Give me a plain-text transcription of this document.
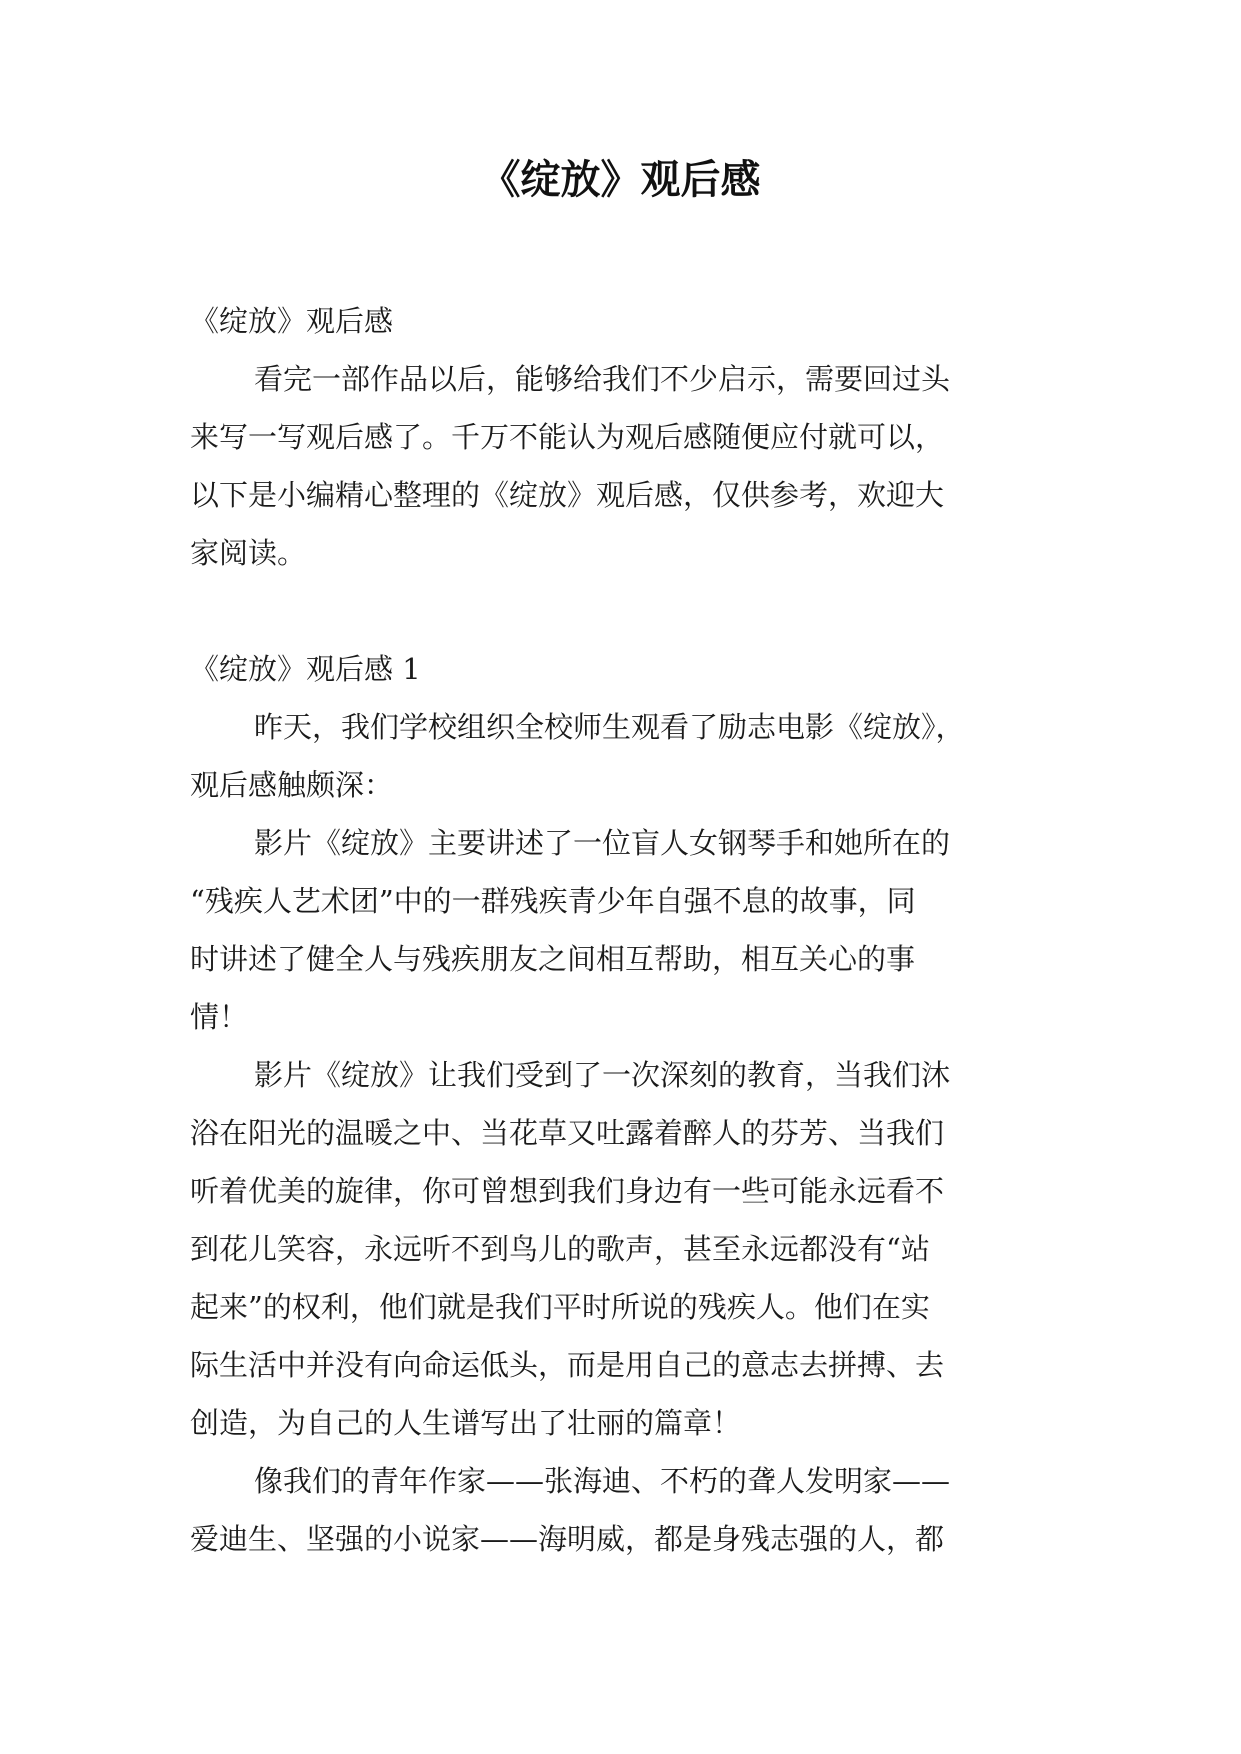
《绽放》观后感

《绽放》观后感

看完一部作品以后，能够给我们不少启示，需要回过头

来写一写观后感了。千万不能认为观后感随便应付就可以，

以下是小编精心整理的《绽放》观后感，仅供参考，欢迎大

家阅读。

《绽放》观后感 1

昨天，我们学校组织全校师生观看了励志电影《绽放》，

观后感触颇深：

影片《绽放》主要讲述了一位盲人女钢琴手和她所在的

“残疾人艺术团”中的一群残疾青少年自强不息的故事，同

时讲述了健全人与残疾朋友之间相互帮助，相互关心的事

情！

影片《绽放》让我们受到了一次深刻的教育，当我们沐

浴在阳光的温暖之中、当花草又吐露着醉人的芬芳、当我们

听着优美的旋律，你可曾想到我们身边有一些可能永远看不

到花儿笑容，永远听不到鸟儿的歌声，甚至永远都没有“站

起来”的权利，他们就是我们平时所说的残疾人。他们在实

际生活中并没有向命运低头，而是用自己的意志去拼搏、去

创造，为自己的人生谱写出了壮丽的篇章！

像我们的青年作家——张海迪、不朽的聋人发明家——

爱迪生、坚强的小说家——海明威，都是身残志强的人，都
